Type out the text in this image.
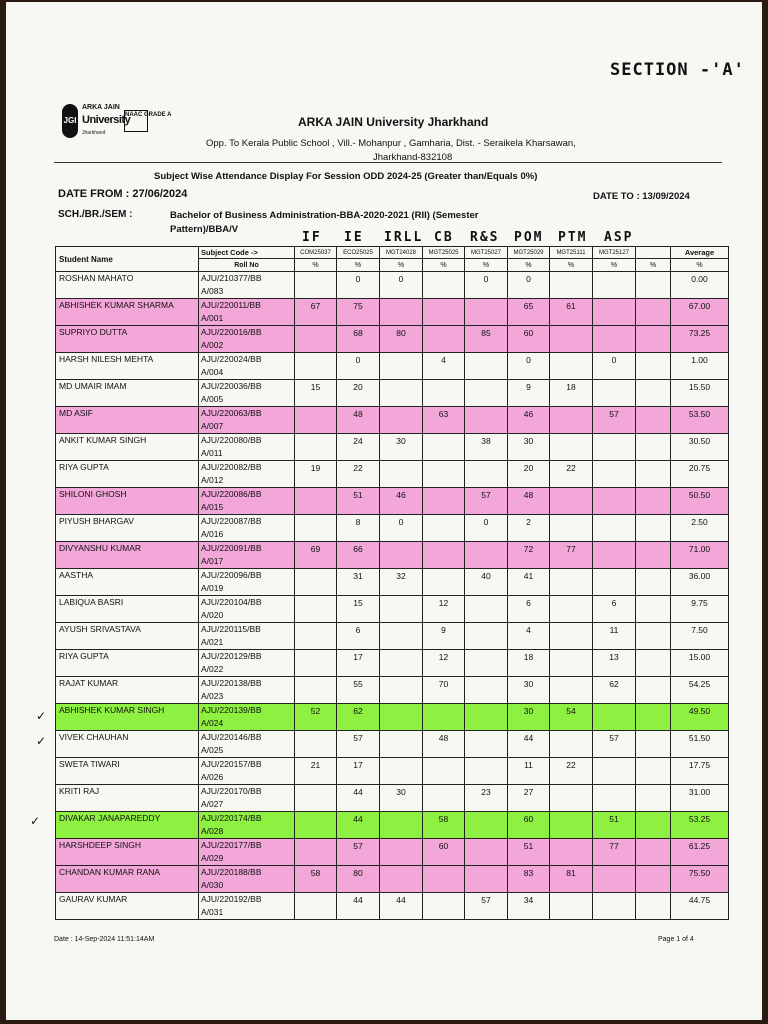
SECTION -'A'
JGI
ARKA JAIN
University
Jharkhand
NAAC GRADE A	ARKA JAIN University Jharkhand
Opp. To Kerala Public School , Vill.- Mohanpur , Gamharia, Dist. - Seraikela Kharsawan,
Jharkhand-832108
Subject Wise Attendance Display For Session ODD 2024-25 (Greater than/Equals 0%)
DATE FROM : 27/06/2024	DATE TO : 13/09/2024
SCH./BR./SEM :	Bachelor of Business Administration-BBA-2020-2021 (RII) (Semester
Pattern)/BBA/V
IF IE IRLL CB R&S POM PTM ASP
Student Name	Subject Code ->	COM25037	ECO25025	MGT24028	MGT25025	MGT25027	MGT25029	MGT25111	MGT25127		Average
	Roll No	%	%	%	%	%	%	%	%	%	%
ROSHAN MAHATO	AJU/210377/BB
A/083		0	0		0	0				0.00
ABHISHEK KUMAR SHARMA	AJU/220011/BB
A/001	67	75				65	61			67.00
SUPRIYO DUTTA	AJU/220016/BB
A/002		68	80		85	60				73.25
HARSH NILESH MEHTA	AJU/220024/BB
A/004		0		4		0		0		1.00
MD UMAIR IMAM	AJU/220036/BB
A/005	15	20				9	18			15.50
MD ASIF	AJU/220063/BB
A/007		48		63		46		57		53.50
ANKIT KUMAR SINGH	AJU/220080/BB
A/011		24	30		38	30				30.50
RIYA GUPTA	AJU/220082/BB
A/012	19	22				20	22			20.75
SHILONI GHOSH	AJU/220086/BB
A/015		51	46		57	48				50.50
PIYUSH BHARGAV	AJU/220087/BB
A/016		8	0		0	2				2.50
DIVYANSHU KUMAR	AJU/220091/BB
A/017	69	66				72	77			71.00
AASTHA	AJU/220096/BB
A/019		31	32		40	41				36.00
LABIQUA BASRI	AJU/220104/BB
A/020		15		12		6		6		9.75
AYUSH SRIVASTAVA	AJU/220115/BB
A/021		6		9		4		11		7.50
RIYA GUPTA	AJU/220129/BB
A/022		17		12		18		13		15.00
RAJAT KUMAR	AJU/220138/BB
A/023		55		70		30		62		54.25
ABHISHEK KUMAR SINGH	AJU/220139/BB
A/024	52	62				30	54			49.50
VIVEK CHAUHAN	AJU/220146/BB
A/025		57		48		44		57		51.50
SWETA TIWARI	AJU/220157/BB
A/026	21	17				11	22			17.75
KRITI RAJ	AJU/220170/BB
A/027		44	30		23	27				31.00
DIVAKAR JANAPAREDDY	AJU/220174/BB
A/028		44		58		60		51		53.25
HARSHDEEP SINGH	AJU/220177/BB
A/029		57		60		51		77		61.25
CHANDAN KUMAR RANA	AJU/220188/BB
A/030	58	80				83	81			75.50
GAURAV KUMAR	AJU/220192/BB
A/031		44	44		57	34				44.75
✓
✓
✓
Date : 14-Sep-2024 11:51:14AM	Page 1 of 4
